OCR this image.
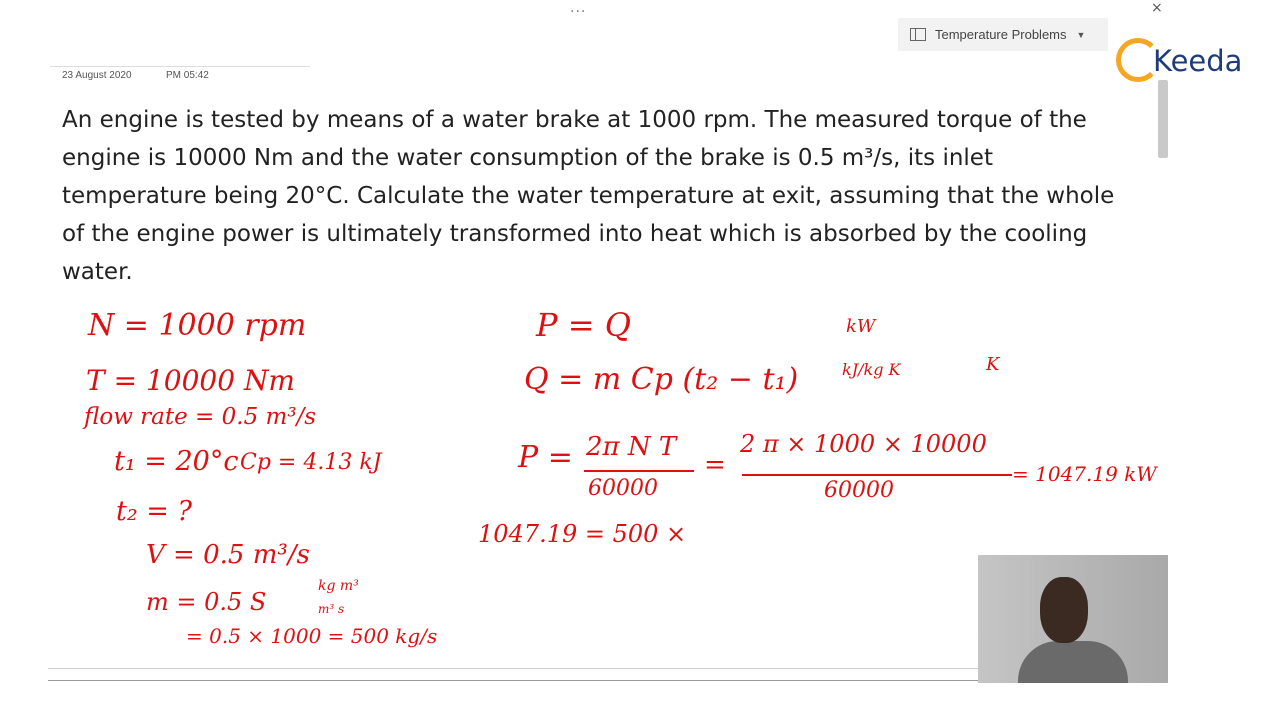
...	×
Temperature Problems ▼
Keeda
23 August 2020	PM 05:42

An engine is tested by means of a water brake at 1000 rpm. The measured torque of the engine is 10000 Nm and the water consumption of the brake is 0.5 m³/s, its inlet temperature being 20°C. Calculate the water temperature at exit, assuming that the whole of the engine power is ultimately transformed into heat which is absorbed by the cooling water.

N = 1000 rpm
T = 10000 Nm
flow rate = 0.5 m³/s
t₁ = 20°c Cp = 4.13 kJ
t₂ = ?
V = 0.5 m³/s
m = 0.5 S
kg m³
m³ s
= 0.5 × 1000 = 500 kg/s
P = Q	kW
Q = m Cp (t₂ − t₁)	kJ/kg K	K
P = 2π N T
60000
=
2 π × 1000 × 10000
60000
= 1047.19 kW
1047.19 = 500 ×
